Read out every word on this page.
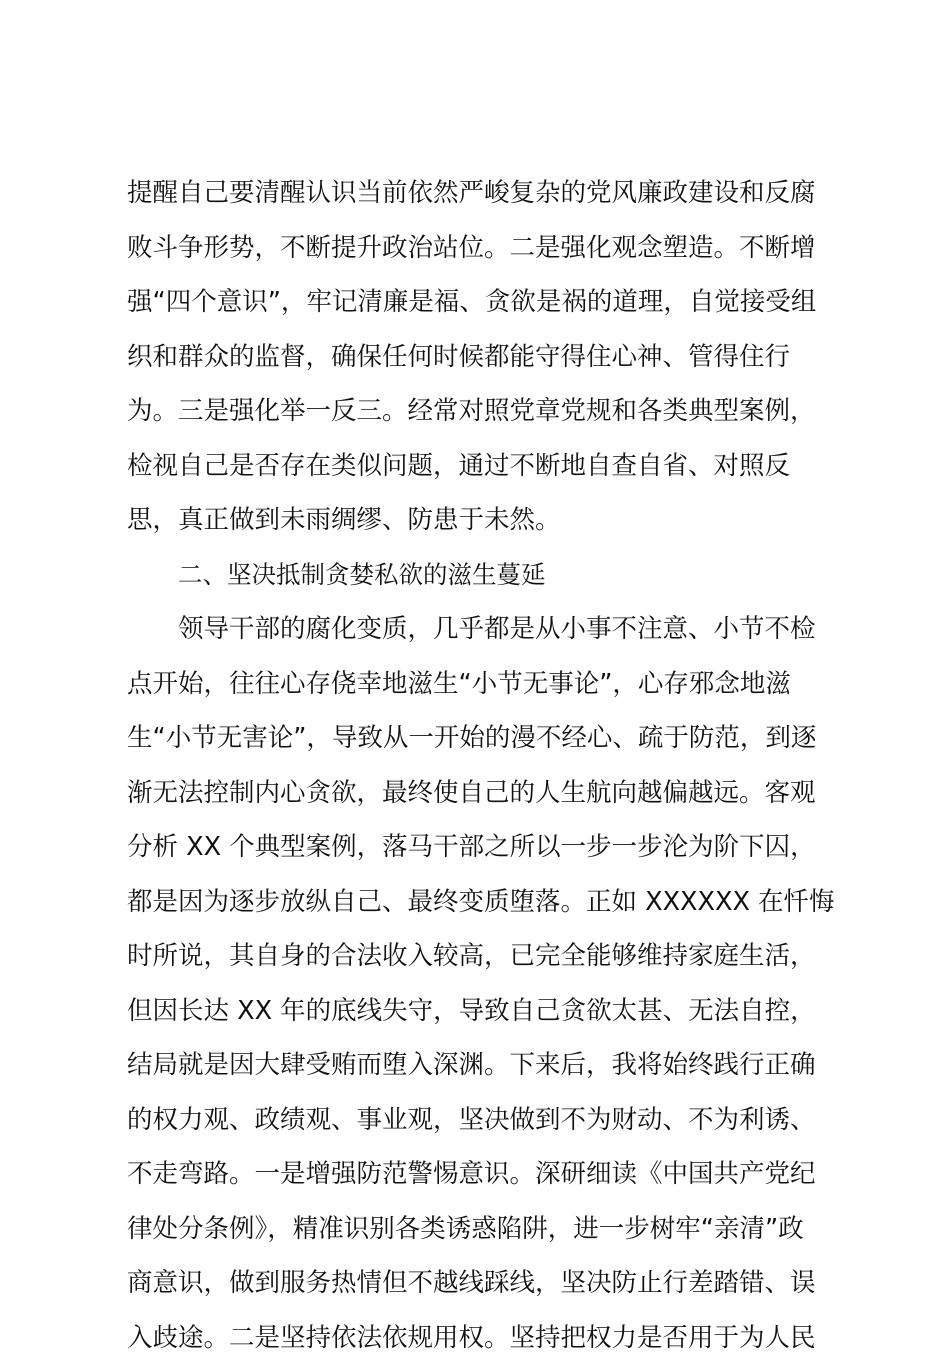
提醒自己要清醒认识当前依然严峻复杂的党风廉政建设和反腐
败斗争形势，不断提升政治站位。二是强化观念塑造。不断增
强“四个意识”，牢记清廉是福、贪欲是祸的道理，自觉接受组
织和群众的监督，确保任何时候都能守得住心神、管得住行
为。三是强化举一反三。经常对照党章党规和各类典型案例，
检视自己是否存在类似问题，通过不断地自查自省、对照反
思，真正做到未雨绸缪、防患于未然。
二、坚决抵制贪婪私欲的滋生蔓延
领导干部的腐化变质，几乎都是从小事不注意、小节不检
点开始，往往心存侥幸地滋生“小节无事论”，心存邪念地滋
生“小节无害论”，导致从一开始的漫不经心、疏于防范，到逐
渐无法控制内心贪欲，最终使自己的人生航向越偏越远。客观
分析 XX 个典型案例，落马干部之所以一步一步沦为阶下囚，
都是因为逐步放纵自己、最终变质堕落。正如 XXXXXX 在忏悔
时所说，其自身的合法收入较高，已完全能够维持家庭生活，
但因长达 XX 年的底线失守，导致自己贪欲太甚、无法自控，
结局就是因大肆受贿而堕入深渊。下来后，我将始终践行正确
的权力观、政绩观、事业观，坚决做到不为财动、不为利诱、
不走弯路。一是增强防范警惕意识。深研细读《中国共产党纪
律处分条例》，精准识别各类诱惑陷阱，进一步树牢“亲清”政
商意识，做到服务热情但不越线踩线，坚决防止行差踏错、误
入歧途。二是坚持依法依规用权。坚持把权力是否用于为人民
